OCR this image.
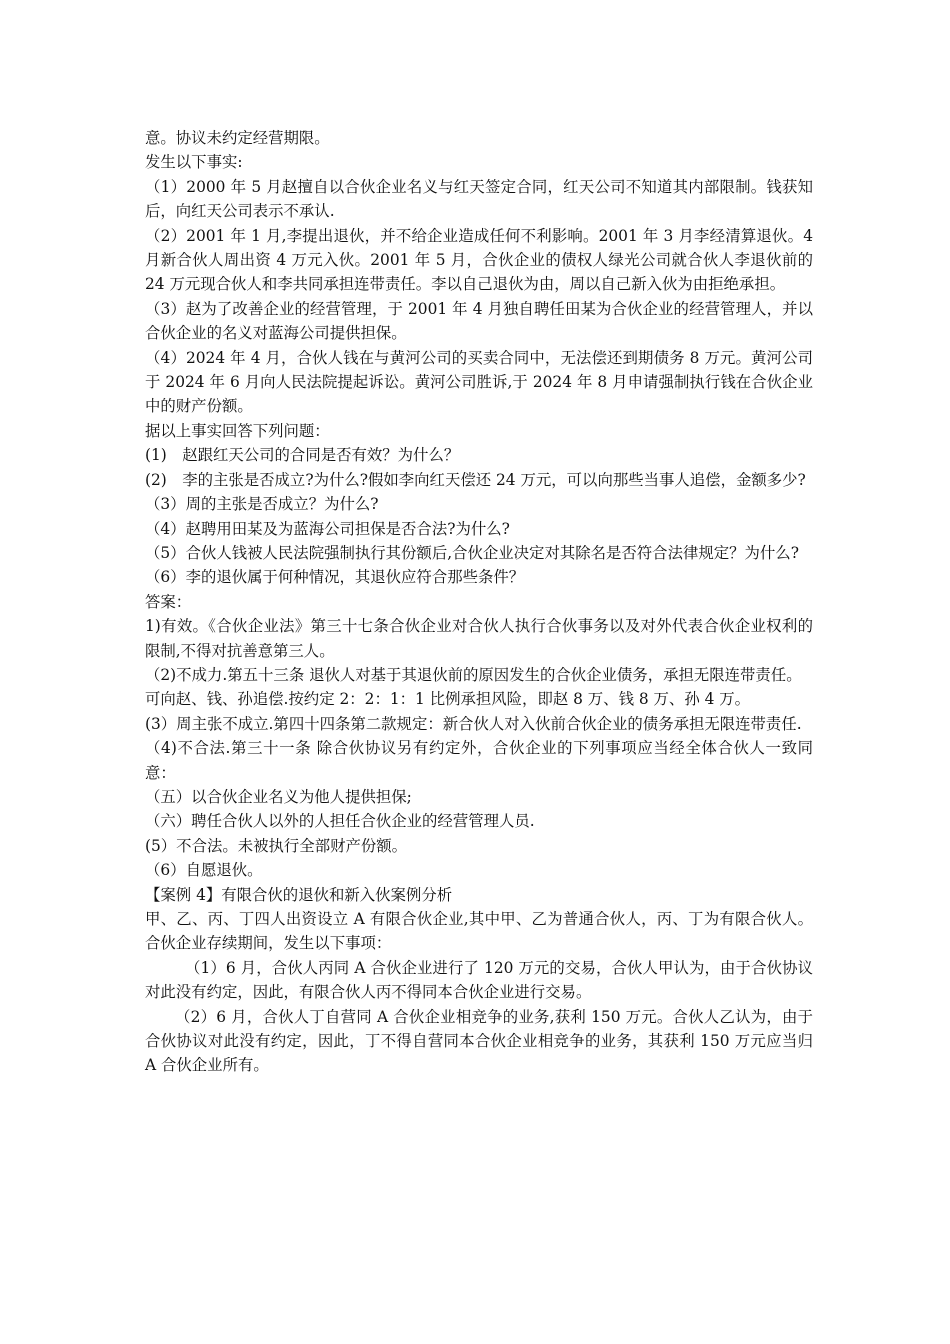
意。协议未约定经营期限。

发生以下事实:

（1）2000 年 5 月赵擅自以合伙企业名义与红天签定合同，红天公司不知道其内部限制。钱获知后，向红天公司表示不承认.

（2）2001 年 1 月,李提出退伙，并不给企业造成任何不利影响。2001 年 3 月李经清算退伙。4 月新合伙人周出资 4 万元入伙。2001 年 5 月，合伙企业的债权人绿光公司就合伙人李退伙前的 24 万元现合伙人和李共同承担连带责任。李以自己退伙为由，周以自己新入伙为由拒绝承担。

（3）赵为了改善企业的经营管理，于 2001 年 4 月独自聘任田某为合伙企业的经营管理人，并以合伙企业的名义对蓝海公司提供担保。

（4）2024 年 4 月，合伙人钱在与黄河公司的买卖合同中，无法偿还到期债务 8 万元。黄河公司于 2024 年 6 月向人民法院提起诉讼。黄河公司胜诉,于 2024 年 8 月申请强制执行钱在合伙企业中的财产份额。

据以上事实回答下列问题：

(1)　赵跟红天公司的合同是否有效？为什么？

(2)　李的主张是否成立?为什么?假如李向红天偿还 24 万元，可以向那些当事人追偿，金额多少?

（3）周的主张是否成立？为什么?

（4）赵聘用田某及为蓝海公司担保是否合法?为什么?

（5）合伙人钱被人民法院强制执行其份额后,合伙企业决定对其除名是否符合法律规定？为什么?

（6）李的退伙属于何种情况，其退伙应符合那些条件？

答案：

1)有效。《合伙企业法》第三十七条合伙企业对合伙人执行合伙事务以及对外代表合伙企业权利的限制,不得对抗善意第三人。

（2)不成力.第五十三条 退伙人对基于其退伙前的原因发生的合伙企业债务，承担无限连带责任。

可向赵、钱、孙追偿.按约定 2：2：1：1 比例承担风险，即赵 8 万、钱 8 万、孙 4 万。

(3）周主张不成立.第四十四条第二款规定：新合伙人对入伙前合伙企业的债务承担无限连带责任.

（4)不合法.第三十一条 除合伙协议另有约定外，合伙企业的下列事项应当经全体合伙人一致同意：

（五）以合伙企业名义为他人提供担保;

（六）聘任合伙人以外的人担任合伙企业的经营管理人员.

(5）不合法。未被执行全部财产份额。

（6）自愿退伙。

【案例 4】有限合伙的退伙和新入伙案例分析

甲、乙、丙、丁四人出资设立 A 有限合伙企业,其中甲、乙为普通合伙人，丙、丁为有限合伙人。合伙企业存续期间，发生以下事项：

（1）6 月，合伙人丙同 A 合伙企业进行了 120 万元的交易，合伙人甲认为，由于合伙协议对此没有约定，因此，有限合伙人丙不得同本合伙企业进行交易。

（2）6 月，合伙人丁自营同 A 合伙企业相竞争的业务,获利 150 万元。合伙人乙认为，由于合伙协议对此没有约定，因此，丁不得自营同本合伙企业相竞争的业务，其获利 150 万元应当归 A 合伙企业所有。
